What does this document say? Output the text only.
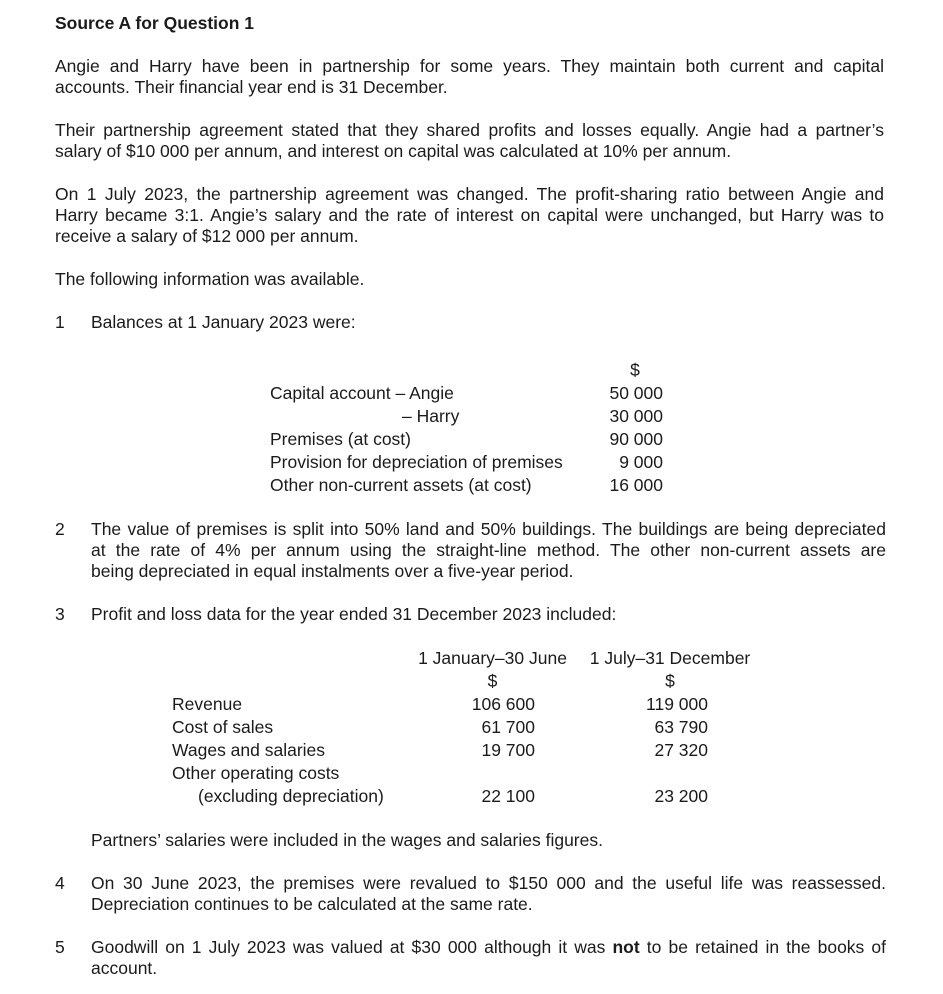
Source A for Question 1
Angie and Harry have been in partnership for some years. They maintain both current and capital
accounts. Their financial year end is 31 December.
Their partnership agreement stated that they shared profits and losses equally. Angie had a partner’s
salary of $10 000 per annum, and interest on capital was calculated at 10% per annum.
On 1 July 2023, the partnership agreement was changed. The profit-sharing ratio between Angie and
Harry became 3:1. Angie’s salary and the rate of interest on capital were unchanged, but Harry was to
receive a salary of $12 000 per annum.
The following information was available.
1	Balances at 1 January 2023 were:
$
Capital account – Angie	50 000
– Harry	30 000
Premises (at cost)	90 000
Provision for depreciation of premises	9 000
Other non-current assets (at cost)	16 000
2	The value of premises is split into 50% land and 50% buildings. The buildings are being depreciated
at the rate of 4% per annum using the straight-line method. The other non-current assets are
being depreciated in equal instalments over a five-year period.
3	Profit and loss data for the year ended 31 December 2023 included:
1 January–30 June 1 July–31 December
$	$
Revenue	106 600	119 000
Cost of sales	61 700	63 790
Wages and salaries	19 700	27 320
Other operating costs
(excluding depreciation)	22 100	23 200
Partners’ salaries were included in the wages and salaries figures.
4	On 30 June 2023, the premises were revalued to $150 000 and the useful life was reassessed.
Depreciation continues to be calculated at the same rate.
5	Goodwill on 1 July 2023 was valued at $30 000 although it was not to be retained in the books of
account.
